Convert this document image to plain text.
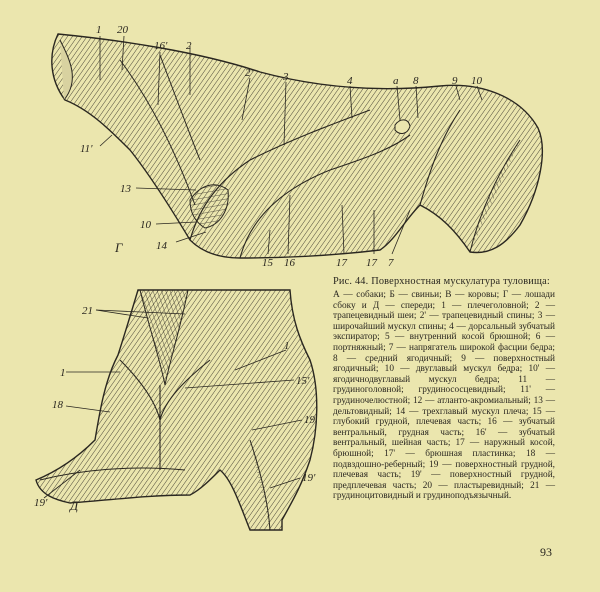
1 20
16' 2
2'	3	4	a 8	9 10
11'
13
10
14
15 16	17 17 7
Г
21
1
1
15'
18
19
19'
19' Д

Рис. 44. Поверхностная мускулатура туловища:

А — собаки; Б — свиньи; В — коровы; Г — лошади сбоку и Д — спереди; 1 — плечеголовной; 2 — трапецевидный шеи; 2' — трапецевидный спины; 3 — широчайший мускул спины; 4 — дорсальный зубчатый экспиратор; 5 — внутренний косой брюшной; 6 — портняжный; 7 — напрягатель широкой фасции бедра; 8 — средний ягодичный; 9 — поверхностный ягодичный; 10 — двуглавый мускул бедра; 10' — ягодичнодвуглавый мускул бедра; 11 — грудиноголовной; грудинососцевидный; 11' — грудиночелюстной; 12 — атланто-акромиальный; 13 — дельтовидный; 14 — трехглавый мускул плеча; 15 — глубокий грудной, плечевая часть; 16 — зубчатый вентральный, грудная часть; 16' — зубчатый вентральный, шейная часть; 17 — наружный косой, брюшной; 17' — брюшная пластинка; 18 — подвздошно-реберный; 19 — поверхностный грудной, плечевая часть; 19' — поверхностный грудной, предплечевая часть; 20 — пластыревидный; 21 — грудиноцитовидный и грудиноподъязычный.

93
